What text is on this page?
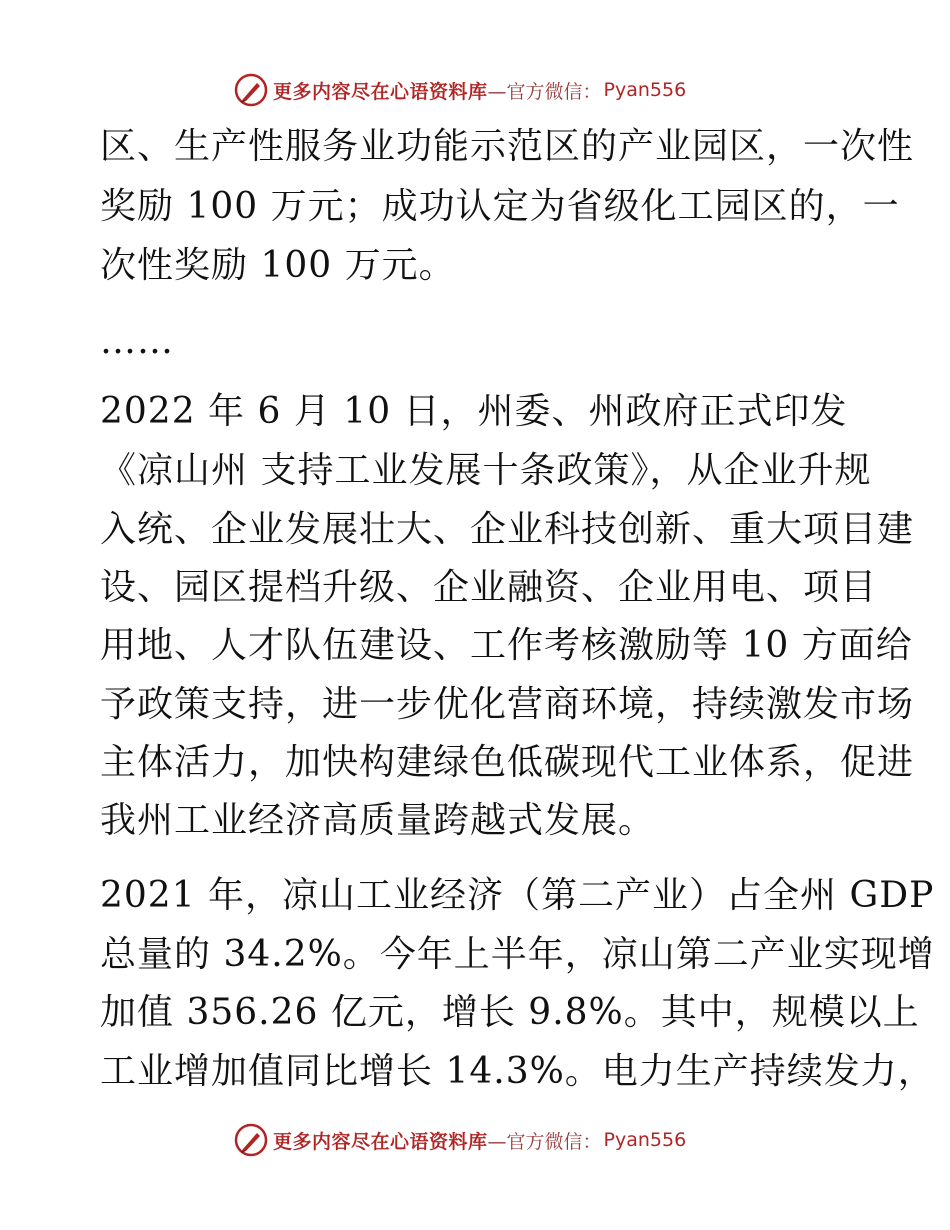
更多内容尽在心语资料库 —官方微信： Pyan556
区、生产性服务业功能示范区的产业园区，一次性
奖励 100 万元；成功认定为省级化工园区的，一
次性奖励 100 万元。
……
2022 年 6 月 10 日，州委、州政府正式印发
《凉山州 支持工业发展十条政策》，从企业升规
入统、企业发展壮大、企业科技创新、重大项目建
设、园区提档升级、企业融资、企业用电、项目
用地、人才队伍建设、工作考核激励等 10 方面给
予政策支持，进一步优化营商环境，持续激发市场
主体活力，加快构建绿色低碳现代工业体系，促进
我州工业经济高质量跨越式发展。
2021 年，凉山工业经济（第二产业）占全州 GDP
总量的 34.2%。今年上半年，凉山第二产业实现增
加值 356.26 亿元，增长 9.8%。其中，规模以上
工业增加值同比增长 14.3%。电力生产持续发力，
更多内容尽在心语资料库 —官方微信： Pyan556
